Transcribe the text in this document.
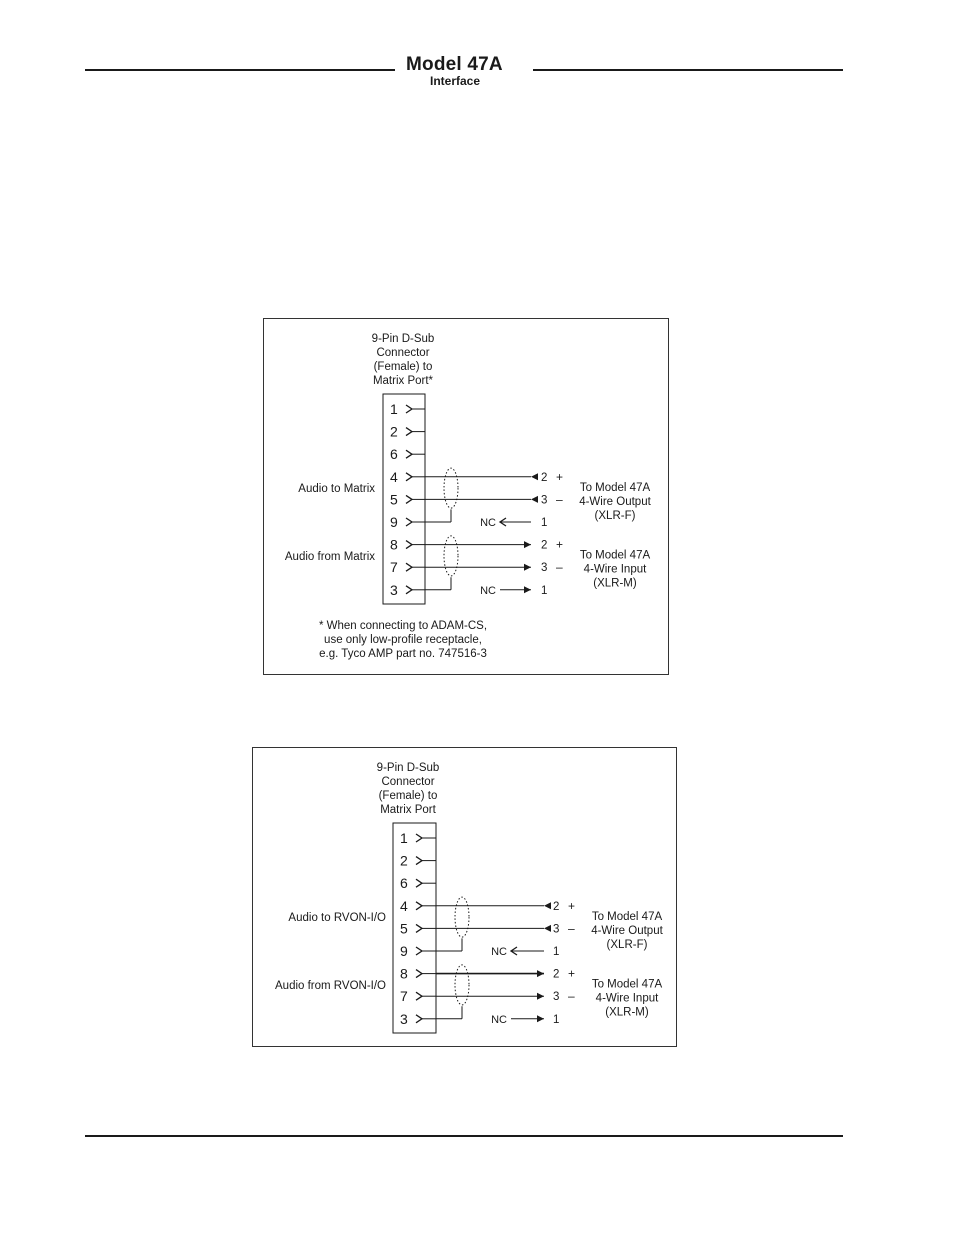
Model 47A
Interface
9-Pin D-Sub
Connector
(Female) to
Matrix Port*
1
2
6
4
5
9
8
7
3
Audio to Matrix
Audio from Matrix
2 +
3 –
NC	1
To Model 47A
4-Wire Output
(XLR-F)
2 +
3 –
NC	1
To Model 47A
4-Wire Input
(XLR-M)
* When connecting to ADAM-CS,
use only low-profile receptacle,
e.g. Tyco AMP part no. 747516-3
9-Pin D-Sub
Connector
(Female) to
Matrix Port
1
2
6
4
5
9
8
7
3
Audio to RVON-I/O
Audio from RVON-I/O
2 +
3 –
NC	1
To Model 47A
4-Wire Output
(XLR-F)
2 +
3 –
NC	1
To Model 47A
4-Wire Input
(XLR-M)
